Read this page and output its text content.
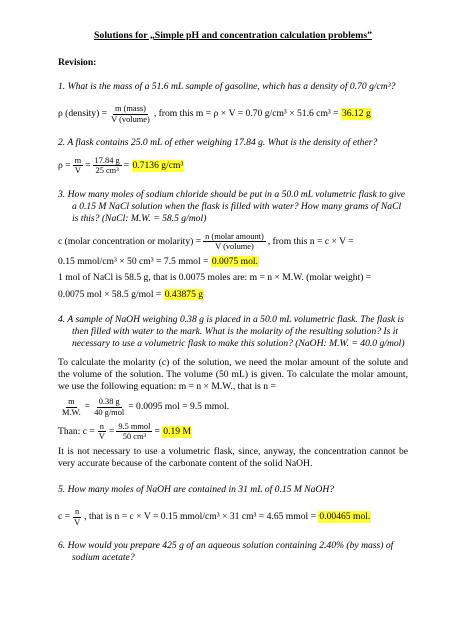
Solutions for „Simple pH and concentration calculation problems”
Revision:
1. What is the mass of a 51.6 mL sample of gasoline, which has a density of 0.70 g/cm³?
ρ (density) = $\frac{\text{m (mass)}}{\text{V (volume)}}$ , from this m = ρ × V = 0.70 g/cm³ × 51.6 cm³ =
36.12 g
2. A flask contains 25.0 mL of ether weighing 17.84 g. What is the density of ether?
$\rho = \frac{m}{V} = \frac{17.84 g}{\text{25 cm³}}$ =
0.7136 g/cm³
3. How many moles of sodium chloride should be put in a 50.0 mL volumetric flask to give a 0.15 M NaCl solution when the flask is filled with water? How many grams of NaCl is this? (NaCl: M.W. = 58.5 g/mol)
c (molar concentration or molarity) = $\frac{\text{n (molar amount)}}{\text{V (volume)}}$ , from this n = c × V =
0.15 mmol/cm³ × 50 cm³ = 7.5 mmol = 0.0075 mol.
1 mol of NaCl is 58.5 g, that is 0.0075 moles are: m = n × M.W. (molar weight) =
0.0075 mol × 58.5 g/mol = 0.43875 g
4. A sample of NaOH weighing 0.38 g is placed in a 50.0 mL volumetric flask. The flask is then filled with water to the mark. What is the molarity of the resulting solution? Is it necessary to use a volumetric flask to make this solution? (NaOH: M.W. = 40.0 g/mol)
To calculate the molarity (c) of the solution, we need the molar amount of the solute and the volume of the solution. The volume (50 mL) is given. To calculate the molar amount, we use the following equation: m = n × M.W., that is n =
$\frac{m}{M.W.} = \frac{0.38 g}{\text{40 g/mol}} = 0.0095$ mol = 9.5 mmol.
Than: $c = \frac{n}{V} = \frac{\text{9.5 mmol}}{\text{50 cm³}}$ =
0.19 M
It is not necessary to use a volumetric flask, since, anyway, the concentration cannot be very accurate because of the carbonate content of the solid NaOH.
5. How many moles of NaOH are contained in 31 mL of 0.15 M NaOH?
$c = \frac{n}{V}$ , that is n = c × V = 0.15 mmol/cm³ × 31 cm³ = 4.65 mmol =
0.00465 mol.
6. How would you prepare 425 g of an aqueous solution containing 2.40% (by mass) of sodium acetate?
